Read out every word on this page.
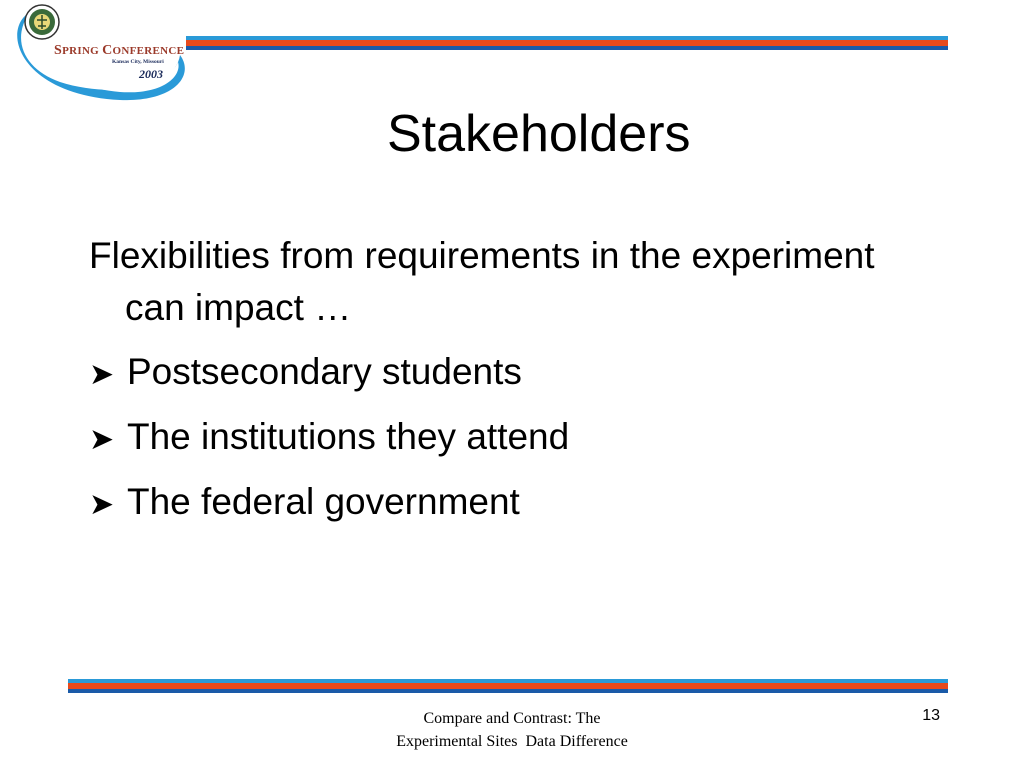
SPRING CONFERENCE
Kansas City, Missouri
2003
Stakeholders
Flexibilities from requirements in the experiment can impact …
➤ Postsecondary students
➤ The institutions they attend
➤ The federal government
Compare and Contrast: The
Experimental Sites  Data Difference
13
